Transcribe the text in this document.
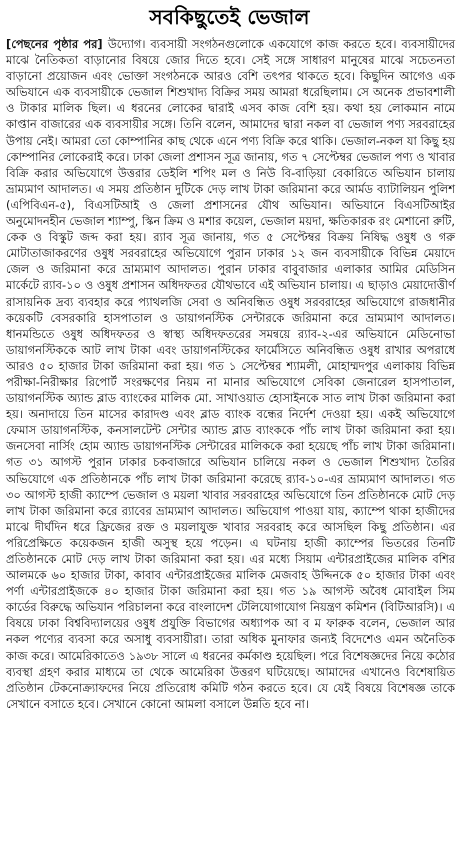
সবকিছুতেই ভেজাল
[পেছনের পৃষ্ঠার পর] উদ্যোগ। ব্যবসায়ী সংগঠনগুলোকে একযোগে কাজ করতে হবে। ব্যবসায়ীদের মাঝে নৈতিকতা বাড়ানোর বিষয়ে জোর দিতে হবে। সেই সঙ্গে সাধারণ মানুষের মাঝে সচেতনতা বাড়ানো প্রয়োজন এবং ভোক্তা সংগঠনকে আরও বেশি তৎপর থাকতে হবে। কিছুদিন আগেও এক অভিযানে এক ব্যবসায়ীকে ভেজাল শিশুখাদ্য বিক্রির সময় আমরা ধরেছিলাম। সে অনেক প্রভাবশালী ও টাকার মালিক ছিল। এ ধরনের লোকের দ্বারাই এসব কাজ বেশি হয়। কথা হয় লোকমান নামে কাপ্তান বাজারের এক ব্যবসায়ীর সঙ্গে। তিনি বলেন, আমাদের দ্বারা নকল বা ভেজাল পণ্য সরবরাহের উপায় নেই। আমরা তো কোম্পানির কাছ থেকে এনে পণ্য বিক্রি করে থাকি। ভেজাল-নকল যা কিছু হয় কোম্পানির লোকেরাই করে। ঢাকা জেলা প্রশাসন সূত্র জানায়, গত ৭ সেপ্টেম্বর ভেজাল পণ্য ও খাবার বিক্রি করার অভিযোগে উত্তরার ডেইলি শপিং মল ও নিউ বি-বাড়িয়া বেকারিতে অভিযান চালায় ভ্রাম্যমাণ আদালত। এ সময় প্রতিষ্ঠান দুটিকে দেড় লাখ টাকা জরিমানা করে আর্মড ব্যাটালিয়ন পুলিশ (এপিবিএন-৫), বিএসটিআই ও জেলা প্রশাসনের যৌথ অভিযান। অভিযানে বিএসটিআইর অনুমোদনহীন ভেজাল শ্যাম্পু, স্কিন ক্রিম ও মশার কয়েল, ভেজাল ময়দা, ক্ষতিকারক রং মেশানো রুটি, কেক ও বিস্কুট জব্দ করা হয়। র‌্যাব সূত্র জানায়, গত ৫ সেপ্টেম্বর বিক্রয় নিষিদ্ধ ওষুধ ও গরু মোটাতাজাকরণের ওষুধ সরবরাহের অভিযোগে পুরান ঢাকার ১২ জন ব্যবসায়ীকে বিভিন্ন মেয়াদে জেল ও জরিমানা করে ভ্রাম্যমাণ আদালত। পুরান ঢাকার বাবুবাজার এলাকার আমির মেডিসিন মার্কেটে র‌্যাব-১০ ও ওষুধ প্রশাসন অধিদফতর যৌথভাবে এই অভিযান চালায়। এ ছাড়াও মেয়াদোত্তীর্ণ রাসায়নিক দ্রব্য ব্যবহার করে প্যাথলজি সেবা ও অনিবন্ধিত ওষুধ সরবরাহের অভিযোগে রাজধানীর কয়েকটি বেসরকারি হাসপাতাল ও ডায়াগনস্টিক সেন্টারকে জরিমানা করে ভ্রাম্যমাণ আদালত। ধানমন্ডিতে ওষুধ অধিদফতর ও স্বাস্থ্য অধিদফতরের সমন্বয়ে র‌্যাব-২-এর অভিযানে মেডিনোভা ডায়াগনস্টিককে আট লাখ টাকা এবং ডায়াগনস্টিকের ফার্মেসিতে অনিবন্ধিত ওষুধ রাখার অপরাধে আরও ৫০ হাজার টাকা জরিমানা করা হয়। গত ১ সেপ্টেম্বর শ্যামলী, মোহাম্মদপুর এলাকায় বিভিন্ন পরীক্ষা-নিরীক্ষার রিপোর্ট সংরক্ষণের নিয়ম না মানার অভিযোগে সেবিকা জেনারেল হাসপাতাল, ডায়াগনস্টিক অ্যান্ড ব্লাড ব্যাংকের মালিক মো. সাখাওয়াত হোসাইনকে সাত লাখ টাকা জরিমানা করা হয়। অনাদায়ে তিন মাসের কারাদণ্ড এবং ব্লাড ব্যাংক বন্ধের নির্দেশ দেওয়া হয়। একই অভিযোগে ফেমাস ডায়াগনস্টিক, কনসালটেন্ট সেন্টার অ্যান্ড ব্লাড ব্যাংককে পাঁচ লাখ টাকা জরিমানা করা হয়। জনসেবা নার্সিং হোম অ্যান্ড ডায়াগনস্টিক সেন্টারের মালিককে করা হয়েছে পাঁচ লাখ টাকা জরিমানা। গত ৩১ আগস্ট পুরান ঢাকার চকবাজারে অভিযান চালিয়ে নকল ও ভেজাল শিশুখাদ্য তৈরির অভিযোগে এক প্রতিষ্ঠানকে পাঁচ লাখ টাকা জরিমানা করেছে র‌্যাব-১০-এর ভ্রাম্যমাণ আদালত। গত ৩০ আগস্ট হাজী ক্যাম্পে ভেজাল ও ময়লা খাবার সরবরাহের অভিযোগে তিন প্রতিষ্ঠানকে মোট দেড় লাখ টাকা জরিমানা করে র‌্যাবের ভ্রাম্যমাণ আদালত। অভিযোগ পাওয়া যায়, ক্যাম্পে থাকা হাজীদের মাঝে দীর্ঘদিন ধরে ফ্রিজের রক্ত ও ময়লাযুক্ত খাবার সরবরাহ করে আসছিল কিছু প্রতিষ্ঠান। এর পরিপ্রেক্ষিতে কয়েকজন হাজী অসুস্থ হয়ে পড়েন। এ ঘটনায় হাজী ক্যাম্পের ভিতরের তিনটি প্রতিষ্ঠানকে মোট দেড় লাখ টাকা জরিমানা করা হয়। এর মধ্যে সিয়াম এন্টারপ্রাইজের মালিক বশির আলমকে ৬০ হাজার টাকা, কাবাব এন্টারপ্রাইজের মালিক মেজবাহ উদ্দিনকে ৫০ হাজার টাকা এবং পর্ণা এন্টারপ্রাইজকে ৪০ হাজার টাকা জরিমানা করা হয়। গত ১৯ আগস্ট অবৈধ মোবাইল সিম কার্ডের বিরুদ্ধে অভিযান পরিচালনা করে বাংলাদেশ টেলিযোগাযোগ নিয়ন্ত্রণ কমিশন (বিটিআরসি)। এ বিষয়ে ঢাকা বিশ্ববিদ্যালয়ের ওষুধ প্রযুক্তি বিভাগের অধ্যাপক আ ব ম ফারুক বলেন, ভেজাল আর নকল পণ্যের ব্যবসা করে অসাধু ব্যবসায়ীরা। তারা অধিক মুনাফার জন্যই বিদেশেও এমন অনৈতিক কাজ করে। আমেরিকাতেও ১৯৩৮ সালে এ ধরনের কর্মকাণ্ড হয়েছিল। পরে বিশেষজ্ঞদের নিয়ে কঠোর ব্যবস্থা গ্রহণ করার মাধ্যমে তা থেকে আমেরিকা উত্তরণ ঘটিয়েছে। আমাদের এখানেও বিশেষায়িত প্রতিষ্ঠান টেকনোক্র্যাফদের নিয়ে প্রতিরোধ কমিটি গঠন করতে হবে। যে যেই বিষয়ে বিশেষজ্ঞ তাকে সেখানে বসাতে হবে। সেখানে কোনো আমলা বসালে উন্নতি হবে না।
